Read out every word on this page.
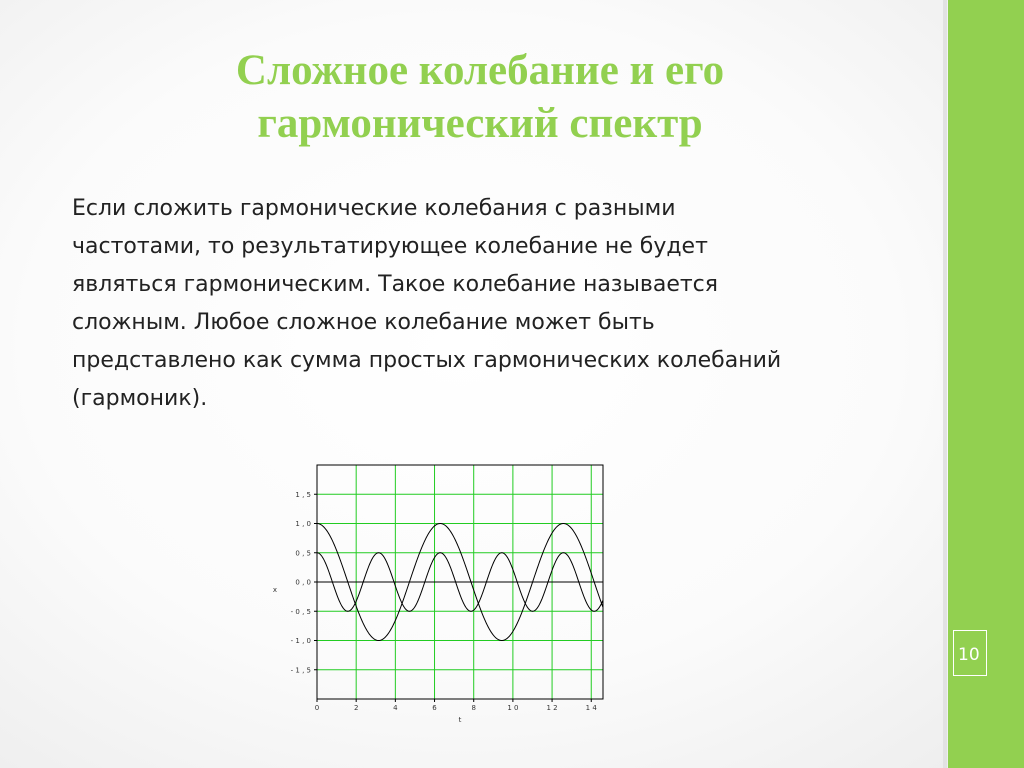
10
Сложное колебание и его
гармонический спектр
Если сложить гармонические колебания с разными
частотами, то результатирующее колебание не будет
являться гармоническим. Такое колебание называется
сложным. Любое сложное колебание может быть
представлено как сумма простых гармонических колебаний
(гармоник).
0	2	4	6	8	1 0	1 2	1 4
1 , 5
1 , 0
0 , 5
0 , 0
- 0 , 5
- 1 , 0
- 1 , 5
t
x
